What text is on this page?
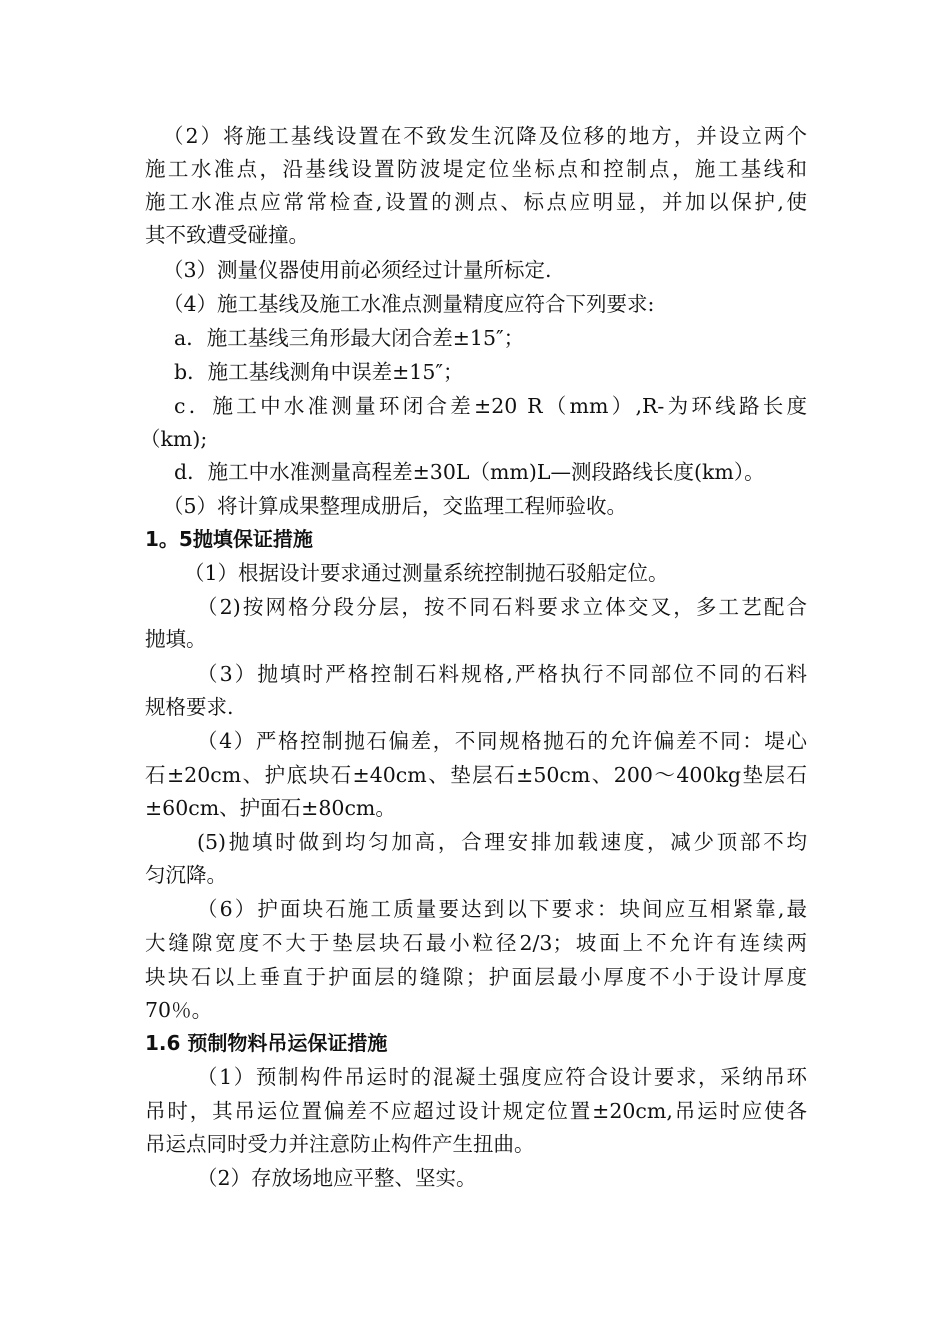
（2）将施工基线设置在不致发生沉降及位移的地方，并设立两个
施工水准点，沿基线设置防波堤定位坐标点和控制点，施工基线和
施工水准点应常常检查,设置的测点、标点应明显，并加以保护,使
其不致遭受碰撞。
（3）测量仪器使用前必须经过计量所标定.
（4）施工基线及施工水准点测量精度应符合下列要求:
a．施工基线三角形最大闭合差±15″；
b．施工基线测角中误差±15″；
c．施工中水准测量环闭合差±20 R（mm）,R-为环线路长度
（km);
d．施工中水准测量高程差±30L（mm)L—测段路线长度(km）。
（5）将计算成果整理成册后，交监理工程师验收。
1。5抛填保证措施
（1）根据设计要求通过测量系统控制抛石驳船定位。
（2)按网格分段分层，按不同石料要求立体交叉，多工艺配合
抛填。
（3）抛填时严格控制石料规格,严格执行不同部位不同的石料
规格要求.
（4）严格控制抛石偏差，不同规格抛石的允许偏差不同：堤心
石±20cm、护底块石±40cm、垫层石±50cm、200～400kg垫层石
±60cm、护面石±80cm。
(5)抛填时做到均匀加高，合理安排加载速度，减少顶部不均
匀沉降。
（6）护面块石施工质量要达到以下要求：块间应互相紧靠,最
大缝隙宽度不大于垫层块石最小粒径2/3；坡面上不允许有连续两
块块石以上垂直于护面层的缝隙；护面层最小厚度不小于设计厚度
70％。
1.6 预制物料吊运保证措施
（1）预制构件吊运时的混凝土强度应符合设计要求，采纳吊环
吊时，其吊运位置偏差不应超过设计规定位置±20cm,吊运时应使各
吊运点同时受力并注意防止构件产生扭曲。
（2）存放场地应平整、坚实。
